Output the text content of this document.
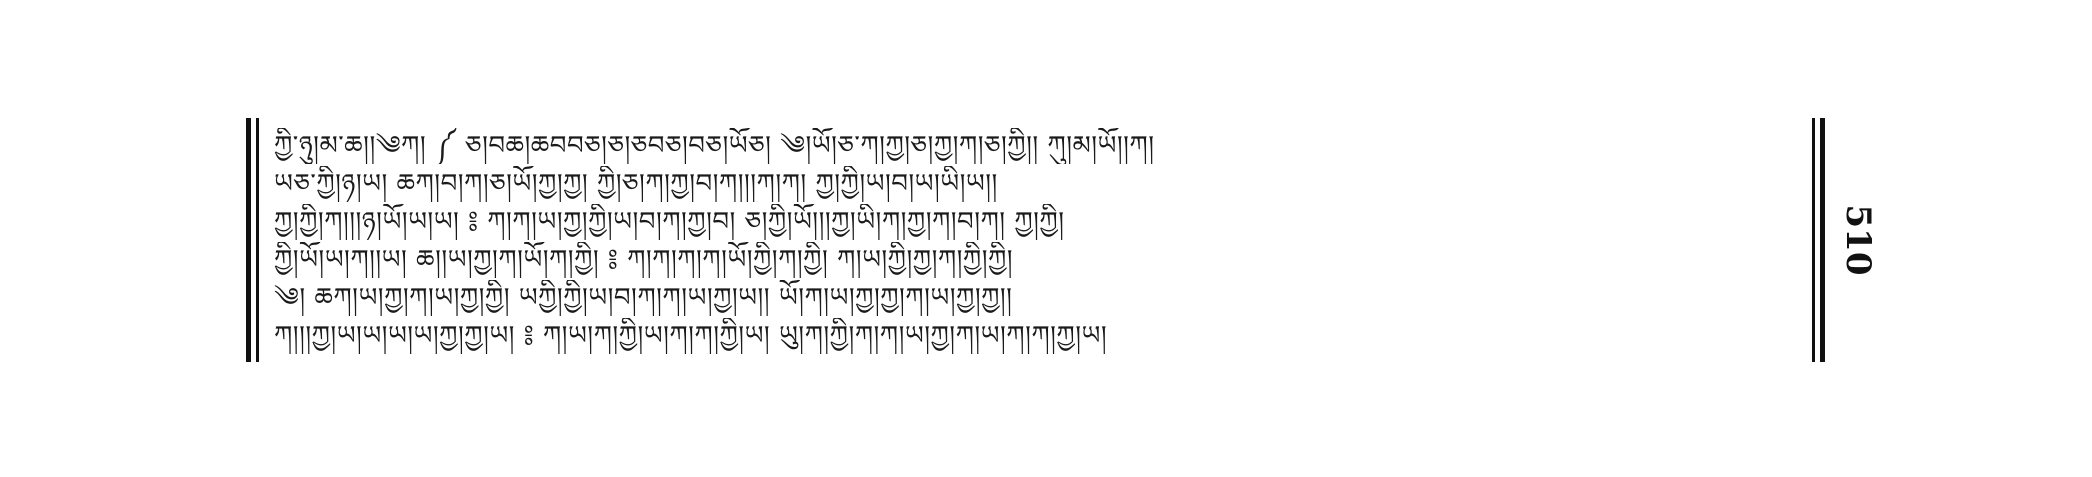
ཀྱི་ཉུ།མ་ཆ།།༄ཀ། ༼ ཅ།བཆ།ཆབབཅ།ཅ།ཅབཅ།བཅ།ཡོཅ། ༄།ཡོ།ཅ་ཀ།ཀྱ།ཅ།ཀྱ།ཀ།ཅ།ཀྱི།། ཀུ།མ།ཡོ།།ཀ།
ཡཅ་ཀྱི།ཉ།ཡ། ཆཀ།བ།ཀ།ཅ།ཡོ།ཀྱ།ཀྱ། ཀྱི།ཅ།ཀ།ཀྱ།བ།ཀ།།།ཀ།ཀ། ཀྱ།ཀྱི།ཡ།བ།ཡ།ཡི།ཡ།།
ཀྱ།ཀྱི།ཀ།།།ཉ།ཡོ།ཡ།ཡ། ༔ ཀ།ཀ།ཡ།ཀྱ།ཀྱི།ཡ།བ།ཀ།ཀྱ།བ། ཅ།ཀྱི།ཡོ།།།ཀྱ།ཡི།ཀ།ཀྱ།ཀ།བ།ཀ། ཀྱ།ཀྱི།
ཀྱི།ཡོ།ཡ།ཀ།།ཡ། ཆ།།ཡ།ཀྱ།ཀ།ཡོ།ཀ།ཀྱི། ༔ ཀ།ཀ།ཀ།ཀ།ཡོ།ཀྱི།ཀ།ཀྱི། ཀ།ཡ།ཀྱི།ཀྱ།ཀ།ཀྱི།ཀྱི།
༄། ཆཀ།ཡ།ཀྱ།ཀ།ཡ།ཀྱ།ཀྱི། ཡཀྱི།ཀྱི།ཡ།བ།ཀ།ཀ།ཡ།ཀྱ།ཡ།། ཡོ།ཀ།ཡ།ཀྱ།ཀྱ།ཀ།ཡ།ཀྱ།ཀྱ།།
ཀ།།།ཀྱ།ཡ།ཡ།ཡ།ཡ།ཀྱ།ཀྱ།ཡ། ༔ ཀ།ཡ།ཀ།ཀྱི།ཡ།ཀ།ཀ།ཀྱི།ཡ། ཡུ།ཀ།ཀྱི།ཀ།ཀ།ཡ།ཀྱ།ཀ།ཡ།ཀ།ཀ།ཀྱ།ཡ།
510
